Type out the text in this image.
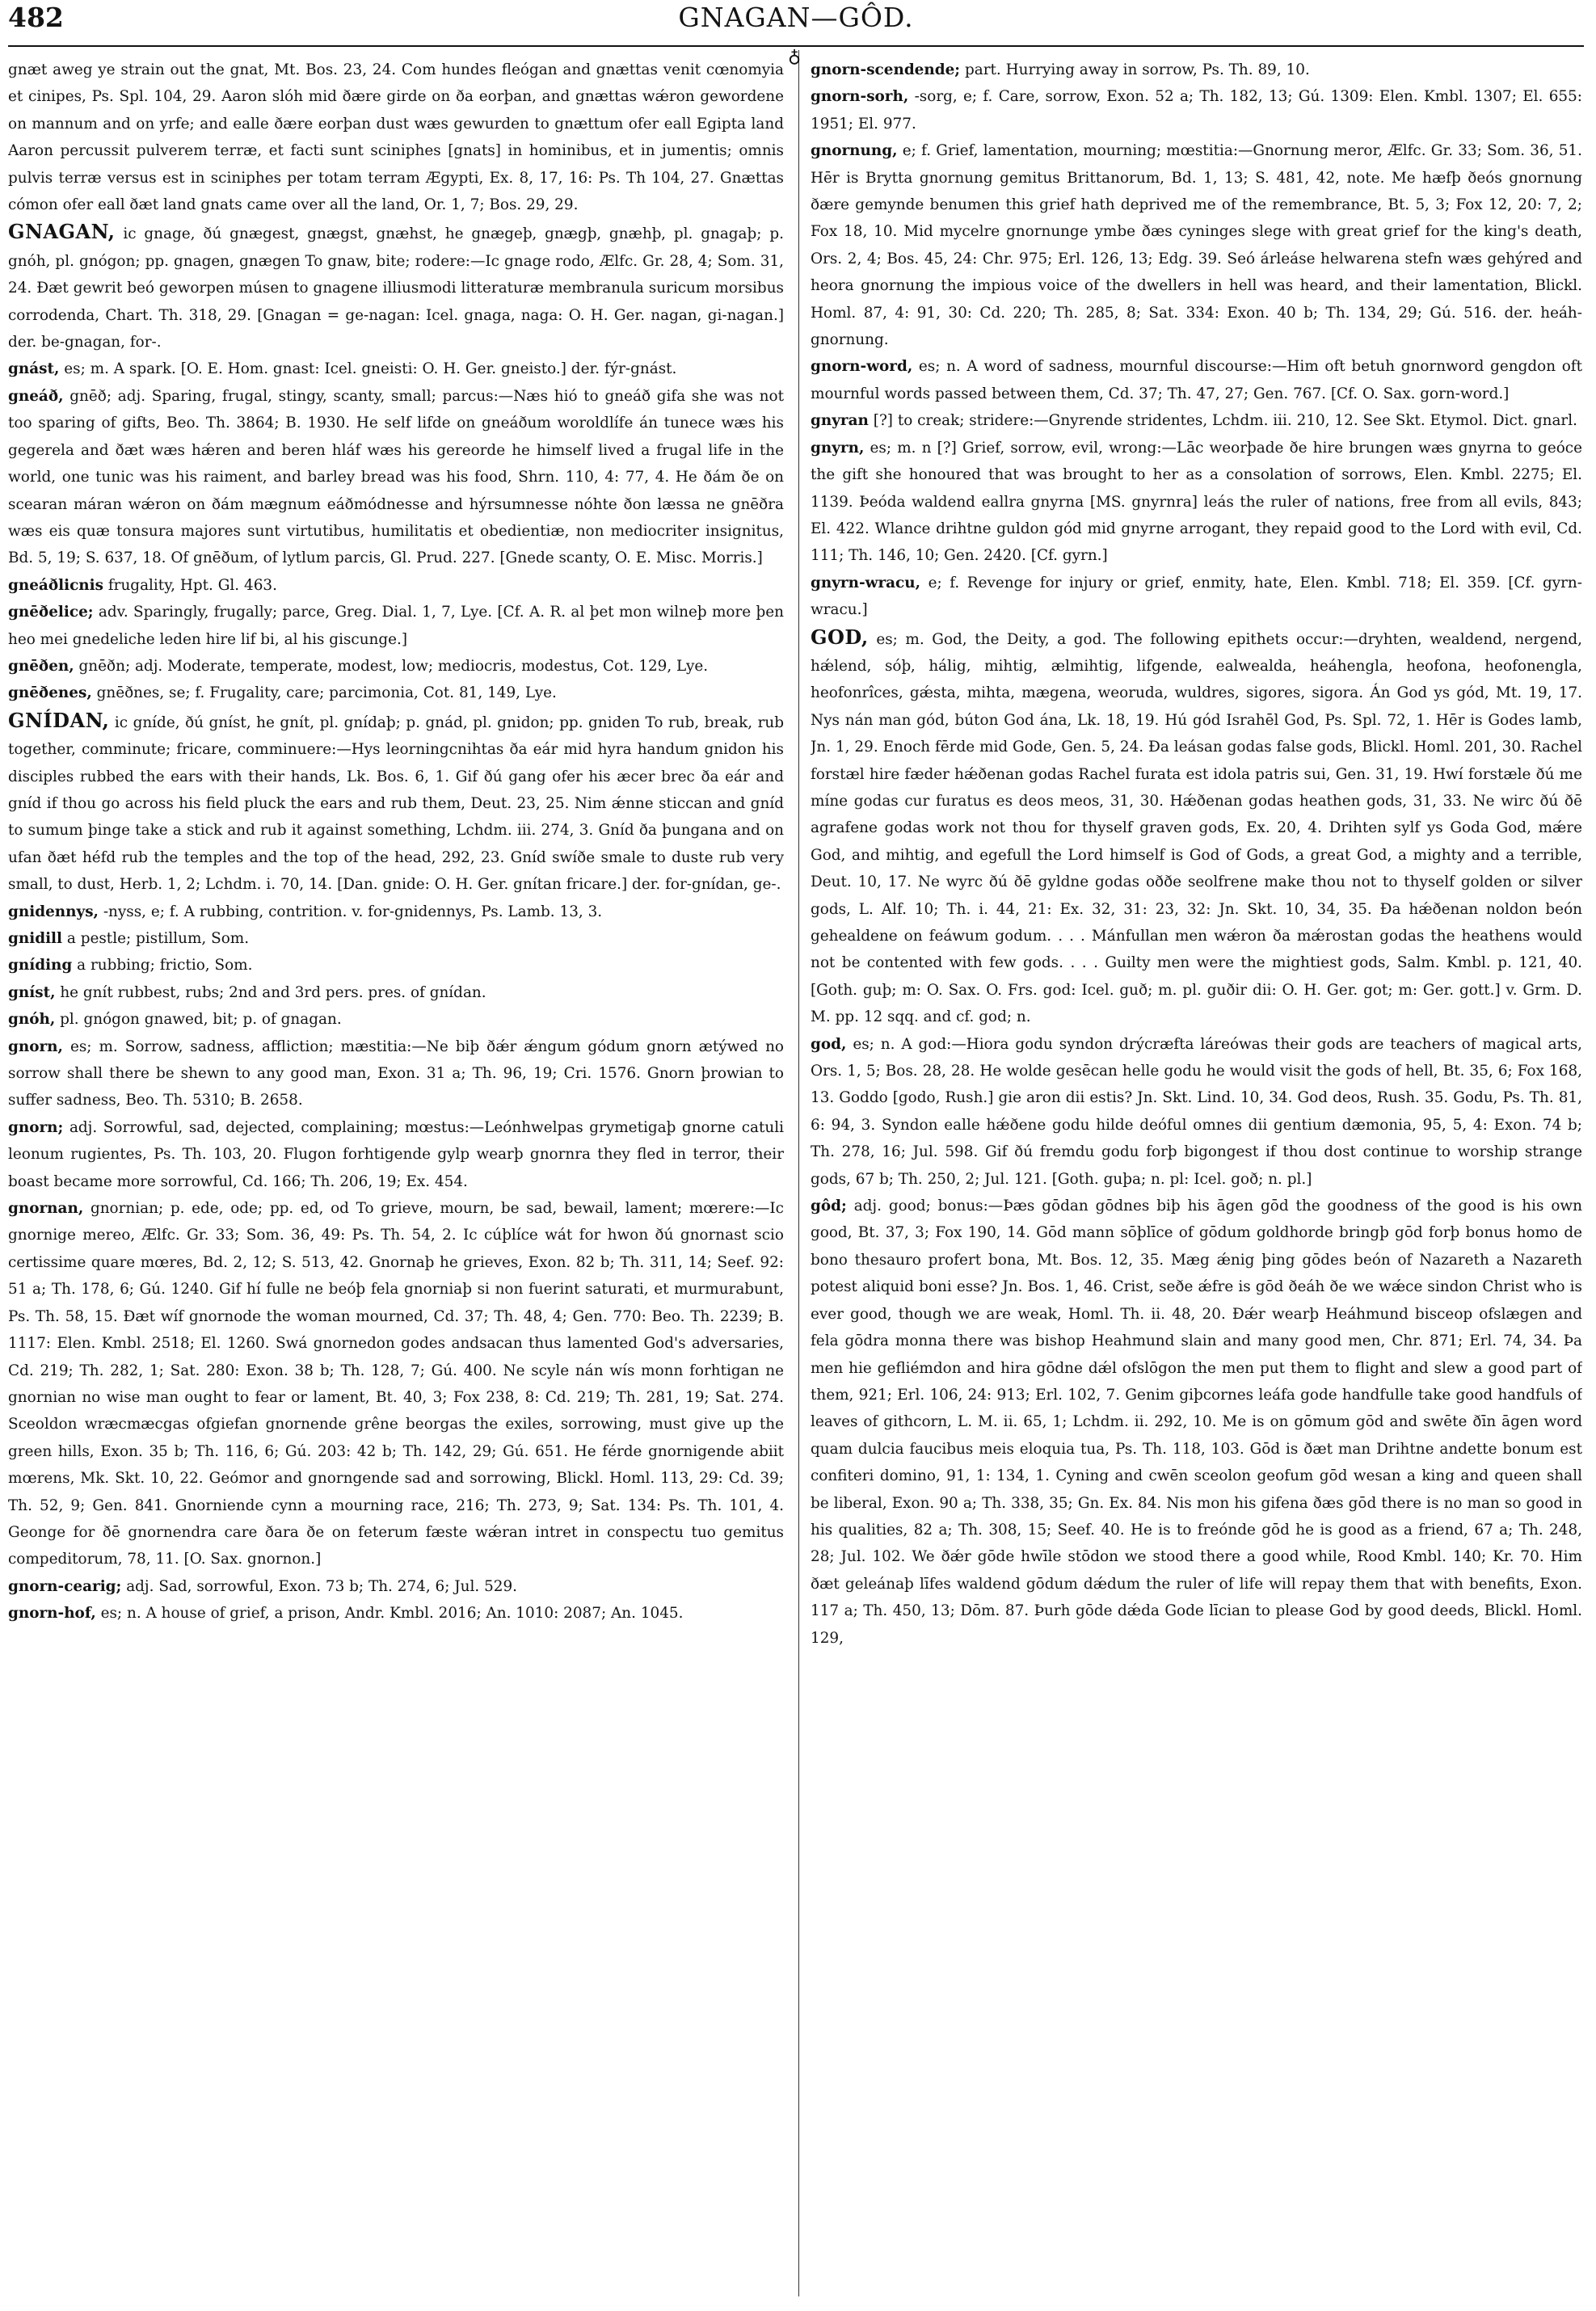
482	GNAGAN—GÔD.

gnæt aweg ye strain out the gnat, Mt. Bos. 23, 24. Com hundes fleógan and gnættas venit cœnomyia et cinipes, Ps. Spl. 104, 29. Aaron slóh mid ðære girde on ða eorþan, and gnættas wǽron gewordene on mannum and on yrfe; and ealle ðære eorþan dust wæs gewurden to gnættum ofer eall Egipta land Aaron percussit pulverem terræ, et facti sunt sciniphes [gnats] in hominibus, et in jumentis; omnis pulvis terræ versus est in sciniphes per totam terram Ægypti, Ex. 8, 17, 16: Ps. Th 104, 27. Gnættas cómon ofer eall ðæt land gnats came over all the land, Or. 1, 7; Bos. 29, 29.

GNAGAN, ic gnage, ðú gnægest, gnægst, gnæhst, he gnægeþ, gnægþ, gnæhþ, pl. gnagaþ; p. gnóh, pl. gnógon; pp. gnagen, gnægen To gnaw, bite; rodere:—Ic gnage rodo, Ælfc. Gr. 28, 4; Som. 31, 24. Ðæt gewrit beó geworpen músen to gnagene illiusmodi litteraturæ membranula suricum morsibus corrodenda, Chart. Th. 318, 29. [Gnagan = ge-nagan: Icel. gnaga, naga: O. H. Ger. nagan, gi-nagan.] der. be-gnagan, for-.

gnást, es; m. A spark. [O. E. Hom. gnast: Icel. gneisti: O. H. Ger. gneisto.] der. fýr-gnást.

gneáð, gnēð; adj. Sparing, frugal, stingy, scanty, small; parcus:—Næs hió to gneáð gifa she was not too sparing of gifts, Beo. Th. 3864; B. 1930. He self lifde on gneáðum woroldlífe án tunece wæs his gegerela and ðæt wæs hǽren and beren hláf wæs his gereorde he himself lived a frugal life in the world, one tunic was his raiment, and barley bread was his food, Shrn. 110, 4: 77, 4. He ðám ðe on scearan máran wǽron on ðám mægnum eáðmódnesse and hýrsumnesse nóhte ðon læssa ne gnēðra wæs eis quæ tonsura majores sunt virtutibus, humilitatis et obedientiæ, non mediocriter insignitus, Bd. 5, 19; S. 637, 18. Of gnēðum, of lytlum parcis, Gl. Prud. 227. [Gnede scanty, O. E. Misc. Morris.]

gneáðlicnis frugality, Hpt. Gl. 463.

gnēðelice; adv. Sparingly, frugally; parce, Greg. Dial. 1, 7, Lye. [Cf. A. R. al þet mon wilneþ more þen heo mei gnedeliche leden hire lif bi, al his giscunge.]

gnēðen, gnēðn; adj. Moderate, temperate, modest, low; mediocris, modestus, Cot. 129, Lye.

gnēðenes, gnēðnes, se; f. Frugality, care; parcimonia, Cot. 81, 149, Lye.

GNÍDAN, ic gníde, ðú gníst, he gnít, pl. gnídaþ; p. gnád, pl. gnidon; pp. gniden To rub, break, rub together, comminute; fricare, comminuere:—Hys leorningcnihtas ða eár mid hyra handum gnidon his disciples rubbed the ears with their hands, Lk. Bos. 6, 1. Gif ðú gang ofer his æcer brec ða eár and gníd if thou go across his field pluck the ears and rub them, Deut. 23, 25. Nim ǽnne sticcan and gníd to sumum þinge take a stick and rub it against something, Lchdm. iii. 274, 3. Gníd ða þungana and on ufan ðæt héfd rub the temples and the top of the head, 292, 23. Gníd swíðe smale to duste rub very small, to dust, Herb. 1, 2; Lchdm. i. 70, 14. [Dan. gnide: O. H. Ger. gnítan fricare.] der. for-gnídan, ge-.

gnidennys, -nyss, e; f. A rubbing, contrition. v. for-gnidennys, Ps. Lamb. 13, 3.

gnidill a pestle; pistillum, Som.

gníding a rubbing; frictio, Som.

gníst, he gnít rubbest, rubs; 2nd and 3rd pers. pres. of gnídan.

gnóh, pl. gnógon gnawed, bit; p. of gnagan.

gnorn, es; m. Sorrow, sadness, affliction; mæstitia:—Ne biþ ðǽr ǽngum gódum gnorn ætýwed no sorrow shall there be shewn to any good man, Exon. 31 a; Th. 96, 19; Cri. 1576. Gnorn þrowian to suffer sadness, Beo. Th. 5310; B. 2658.

gnorn; adj. Sorrowful, sad, dejected, complaining; mœstus:—Leónhwelpas grymetigaþ gnorne catuli leonum rugientes, Ps. Th. 103, 20. Flugon forhtigende gylp wearþ gnornra they fled in terror, their boast became more sorrowful, Cd. 166; Th. 206, 19; Ex. 454.

gnornan, gnornian; p. ede, ode; pp. ed, od To grieve, mourn, be sad, bewail, lament; mœrere:—Ic gnornige mereo, Ælfc. Gr. 33; Som. 36, 49: Ps. Th. 54, 2. Ic cúþlíce wát for hwon ðú gnornast scio certissime quare mœres, Bd. 2, 12; S. 513, 42. Gnornaþ he grieves, Exon. 82 b; Th. 311, 14; Seef. 92: 51 a; Th. 178, 6; Gú. 1240. Gif hí fulle ne beóþ fela gnorniaþ si non fuerint saturati, et murmurabunt, Ps. Th. 58, 15. Ðæt wíf gnornode the woman mourned, Cd. 37; Th. 48, 4; Gen. 770: Beo. Th. 2239; B. 1117: Elen. Kmbl. 2518; El. 1260. Swá gnornedon godes andsacan thus lamented God's adversaries, Cd. 219; Th. 282, 1; Sat. 280: Exon. 38 b; Th. 128, 7; Gú. 400. Ne scyle nán wís monn forhtigan ne gnornian no wise man ought to fear or lament, Bt. 40, 3; Fox 238, 8: Cd. 219; Th. 281, 19; Sat. 274. Sceoldon wræcmæcgas ofgiefan gnornende grêne beorgas the exiles, sorrowing, must give up the green hills, Exon. 35 b; Th. 116, 6; Gú. 203: 42 b; Th. 142, 29; Gú. 651. He férde gnornigende abiit mœrens, Mk. Skt. 10, 22. Geómor and gnorngende sad and sorrowing, Blickl. Homl. 113, 29: Cd. 39; Th. 52, 9; Gen. 841. Gnorniende cynn a mourning race, 216; Th. 273, 9; Sat. 134: Ps. Th. 101, 4. Geonge for ðē gnornendra care ðara ðe on feterum fæste wǽran intret in conspectu tuo gemitus compeditorum, 78, 11. [O. Sax. gnornon.]

gnorn-cearig; adj. Sad, sorrowful, Exon. 73 b; Th. 274, 6; Jul. 529.

gnorn-hof, es; n. A house of grief, a prison, Andr. Kmbl. 2016; An. 1010: 2087; An. 1045.

♁

gnorn-scendende; part. Hurrying away in sorrow, Ps. Th. 89, 10.

gnorn-sorh, -sorg, e; f. Care, sorrow, Exon. 52 a; Th. 182, 13; Gú. 1309: Elen. Kmbl. 1307; El. 655: 1951; El. 977.

gnornung, e; f. Grief, lamentation, mourning; mœstitia:—Gnornung meror, Ælfc. Gr. 33; Som. 36, 51. Hēr is Brytta gnornung gemitus Brittanorum, Bd. 1, 13; S. 481, 42, note. Me hæfþ ðeós gnornung ðære gemynde benumen this grief hath deprived me of the remembrance, Bt. 5, 3; Fox 12, 20: 7, 2; Fox 18, 10. Mid mycelre gnornunge ymbe ðæs cyninges slege with great grief for the king's death, Ors. 2, 4; Bos. 45, 24: Chr. 975; Erl. 126, 13; Edg. 39. Seó árleáse helwarena stefn wæs gehýred and heora gnornung the impious voice of the dwellers in hell was heard, and their lamentation, Blickl. Homl. 87, 4: 91, 30: Cd. 220; Th. 285, 8; Sat. 334: Exon. 40 b; Th. 134, 29; Gú. 516. der. heáh-gnornung.

gnorn-word, es; n. A word of sadness, mournful discourse:—Him oft betuh gnornword gengdon oft mournful words passed between them, Cd. 37; Th. 47, 27; Gen. 767. [Cf. O. Sax. gorn-word.]

gnyran [?] to creak; stridere:—Gnyrende stridentes, Lchdm. iii. 210, 12. See Skt. Etymol. Dict. gnarl.

gnyrn, es; m. n [?] Grief, sorrow, evil, wrong:—Lāc weorþade ðe hire brungen wæs gnyrna to geóce the gift she honoured that was brought to her as a consolation of sorrows, Elen. Kmbl. 2275; El. 1139. Þeóda waldend eallra gnyrna [MS. gnyrnra] leás the ruler of nations, free from all evils, 843; El. 422. Wlance drihtne guldon gód mid gnyrne arrogant, they repaid good to the Lord with evil, Cd. 111; Th. 146, 10; Gen. 2420. [Cf. gyrn.]

gnyrn-wracu, e; f. Revenge for injury or grief, enmity, hate, Elen. Kmbl. 718; El. 359. [Cf. gyrn-wracu.]

GOD, es; m. God, the Deity, a god. The following epithets occur:—dryhten, wealdend, nergend, hǽlend, sóþ, hálig, mihtig, ælmihtig, lifgende, ealwealda, heáhengla, heofona, heofonengla, heofonrîces, gǽsta, mihta, mægena, weoruda, wuldres, sigores, sigora. Án God ys gód, Mt. 19, 17. Nys nán man gód, búton God ána, Lk. 18, 19. Hú gód Israhēl God, Ps. Spl. 72, 1. Hēr is Godes lamb, Jn. 1, 29. Enoch fērde mid Gode, Gen. 5, 24. Ða leásan godas false gods, Blickl. Homl. 201, 30. Rachel forstæl hire fæder hǽðenan godas Rachel furata est idola patris sui, Gen. 31, 19. Hwí forstæle ðú me míne godas cur furatus es deos meos, 31, 30. Hǽðenan godas heathen gods, 31, 33. Ne wirc ðú ðē agrafene godas work not thou for thyself graven gods, Ex. 20, 4. Drihten sylf ys Goda God, mǽre God, and mihtig, and egefull the Lord himself is God of Gods, a great God, a mighty and a terrible, Deut. 10, 17. Ne wyrc ðú ðē gyldne godas oððe seolfrene make thou not to thyself golden or silver gods, L. Alf. 10; Th. i. 44, 21: Ex. 32, 31: 23, 32: Jn. Skt. 10, 34, 35. Ða hǽðenan noldon beón gehealdene on feáwum godum. . . . Mánfullan men wǽron ða mǽrostan godas the heathens would not be contented with few gods. . . . Guilty men were the mightiest gods, Salm. Kmbl. p. 121, 40. [Goth. guþ; m: O. Sax. O. Frs. god: Icel. guð; m. pl. guðir dii: O. H. Ger. got; m: Ger. gott.] v. Grm. D. M. pp. 12 sqq. and cf. god; n.

god, es; n. A god:—Hiora godu syndon drýcræfta láreówas their gods are teachers of magical arts, Ors. 1, 5; Bos. 28, 28. He wolde gesēcan helle godu he would visit the gods of hell, Bt. 35, 6; Fox 168, 13. Goddo [godo, Rush.] gie aron dii estis? Jn. Skt. Lind. 10, 34. God deos, Rush. 35. Godu, Ps. Th. 81, 6: 94, 3. Syndon ealle hǽðene godu hilde deóful omnes dii gentium dæmonia, 95, 5, 4: Exon. 74 b; Th. 278, 16; Jul. 598. Gif ðú fremdu godu forþ bigongest if thou dost continue to worship strange gods, 67 b; Th. 250, 2; Jul. 121. [Goth. guþa; n. pl: Icel. goð; n. pl.]

gôd; adj. good; bonus:—Þæs gōdan gōdnes biþ his āgen gōd the goodness of the good is his own good, Bt. 37, 3; Fox 190, 14. Gōd mann sōþlīce of gōdum goldhorde bringþ gōd forþ bonus homo de bono thesauro profert bona, Mt. Bos. 12, 35. Mæg ǽnig þing gōdes beón of Nazareth a Nazareth potest aliquid boni esse? Jn. Bos. 1, 46. Crist, seðe ǽfre is gōd ðeáh ðe we wǽce sindon Christ who is ever good, though we are weak, Homl. Th. ii. 48, 20. Ðǽr wearþ Heáhmund bisceop ofslægen and fela gōdra monna there was bishop Heahmund slain and many good men, Chr. 871; Erl. 74, 34. Þa men hie gefliémdon and hira gōdne dǽl ofslōgon the men put them to flight and slew a good part of them, 921; Erl. 106, 24: 913; Erl. 102, 7. Genim giþcornes leáfa gode handfulle take good handfuls of leaves of githcorn, L. M. ii. 65, 1; Lchdm. ii. 292, 10. Me is on gōmum gōd and swēte ðīn āgen word quam dulcia faucibus meis eloquia tua, Ps. Th. 118, 103. Gōd is ðæt man Drihtne andette bonum est confiteri domino, 91, 1: 134, 1. Cyning and cwēn sceolon geofum gōd wesan a king and queen shall be liberal, Exon. 90 a; Th. 338, 35; Gn. Ex. 84. Nis mon his gifena ðæs gōd there is no man so good in his qualities, 82 a; Th. 308, 15; Seef. 40. He is to freónde gōd he is good as a friend, 67 a; Th. 248, 28; Jul. 102. We ðǽr gōde hwīle stōdon we stood there a good while, Rood Kmbl. 140; Kr. 70. Him ðæt geleánaþ līfes waldend gōdum dǽdum the ruler of life will repay them that with benefits, Exon. 117 a; Th. 450, 13; Dōm. 87. Þurh gōde dǽda Gode līcian to please God by good deeds, Blickl. Homl. 129,
